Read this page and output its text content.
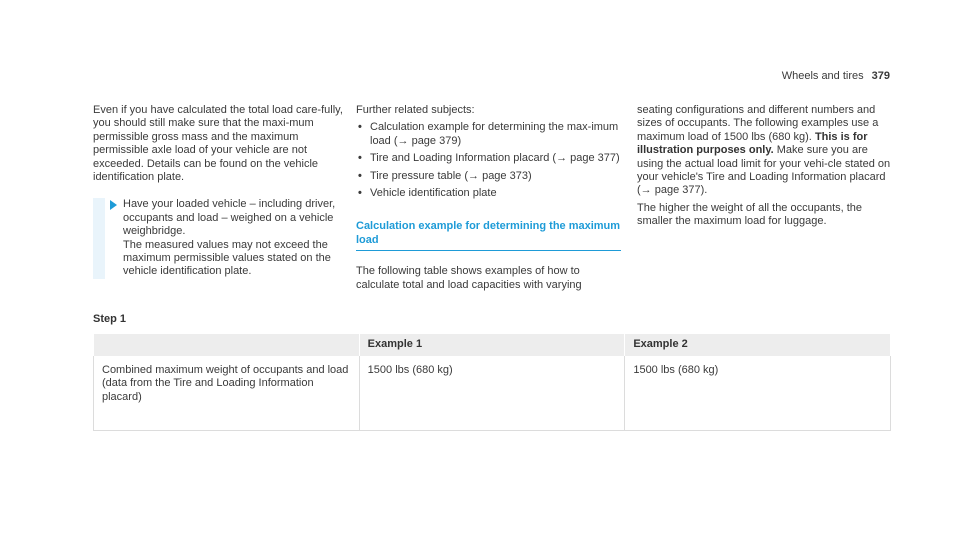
Wheels and tires 379

Even if you have calculated the total load care-fully, you should still make sure that the maxi-mum permissible gross mass and the maximum permissible axle load of your vehicle are not exceeded. Details can be found on the vehicle identification plate.

Have your loaded vehicle – including driver, occupants and load – weighed on a vehicle weighbridge.

The measured values may not exceed the maximum permissible values stated on the vehicle identification plate.

Further related subjects:

• Calculation example for determining the max-imum load (→ page 379)
• Tire and Loading Information placard (→ page 377)
• Tire pressure table (→ page 373)
• Vehicle identification plate
Calculation example for determining the maximum load

The following table shows examples of how to calculate total and load capacities with varying

seating configurations and different numbers and sizes of occupants. The following examples use a maximum load of 1500 lbs (680 kg). This is for illustration purposes only. Make sure you are using the actual load limit for your vehi-cle stated on your vehicle's Tire and Loading Information placard (→ page 377).

The higher the weight of all the occupants, the smaller the maximum load for luggage.

Step 1
	Example 1	Example 2
Combined maximum weight of occupants and load (data from the Tire and Loading Information placard)	1500 lbs (680 kg)	1500 lbs (680 kg)
